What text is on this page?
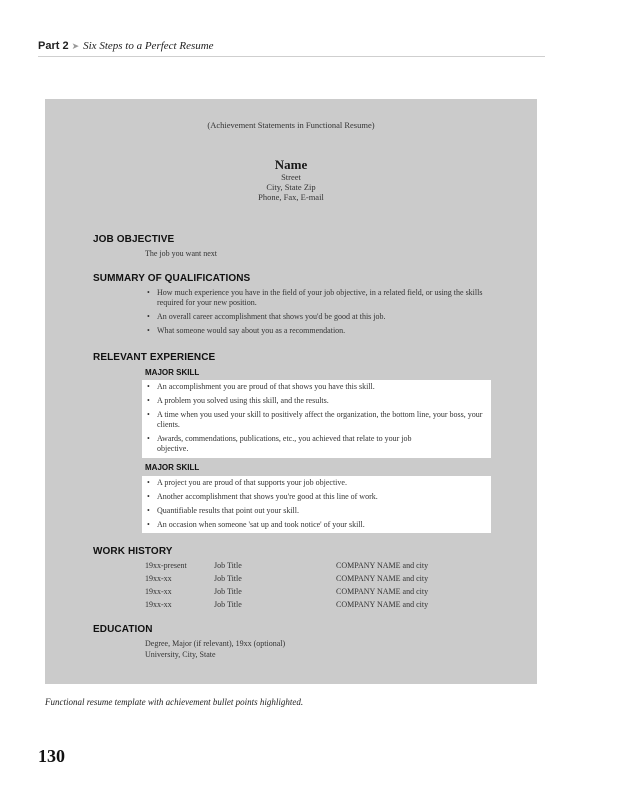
Part 2 ➤ Six Steps to a Perfect Resume
(Achievement Statements in Functional Resume)
Name
Street
City, State Zip
Phone, Fax, E-mail
JOB OBJECTIVE
The job you want next
SUMMARY OF QUALIFICATIONS
• How much experience you have in the field of your job objective, in a related field, or using the skills required for your new position.
• An overall career accomplishment that shows you'd be good at this job.
• What someone would say about you as a recommendation.
RELEVANT EXPERIENCE
MAJOR SKILL
• An accomplishment you are proud of that shows you have this skill.
• A problem you solved using this skill, and the results.
• A time when you used your skill to positively affect the organization, the bottom line, your boss, your clients.
• Awards, commendations, publications, etc., you achieved that relate to your job objective.
MAJOR SKILL
• A project you are proud of that supports your job objective.
• Another accomplishment that shows you're good at this line of work.
• Quantifiable results that point out your skill.
• An occasion when someone 'sat up and took notice' of your skill.
WORK HISTORY
19xx-present	Job Title	COMPANY NAME and city
19xx-xx	Job Title	COMPANY NAME and city
19xx-xx	Job Title	COMPANY NAME and city
19xx-xx	Job Title	COMPANY NAME and city
EDUCATION
Degree, Major (if relevant), 19xx (optional)
University, City, State
Functional resume template with achievement bullet points highlighted.
130
